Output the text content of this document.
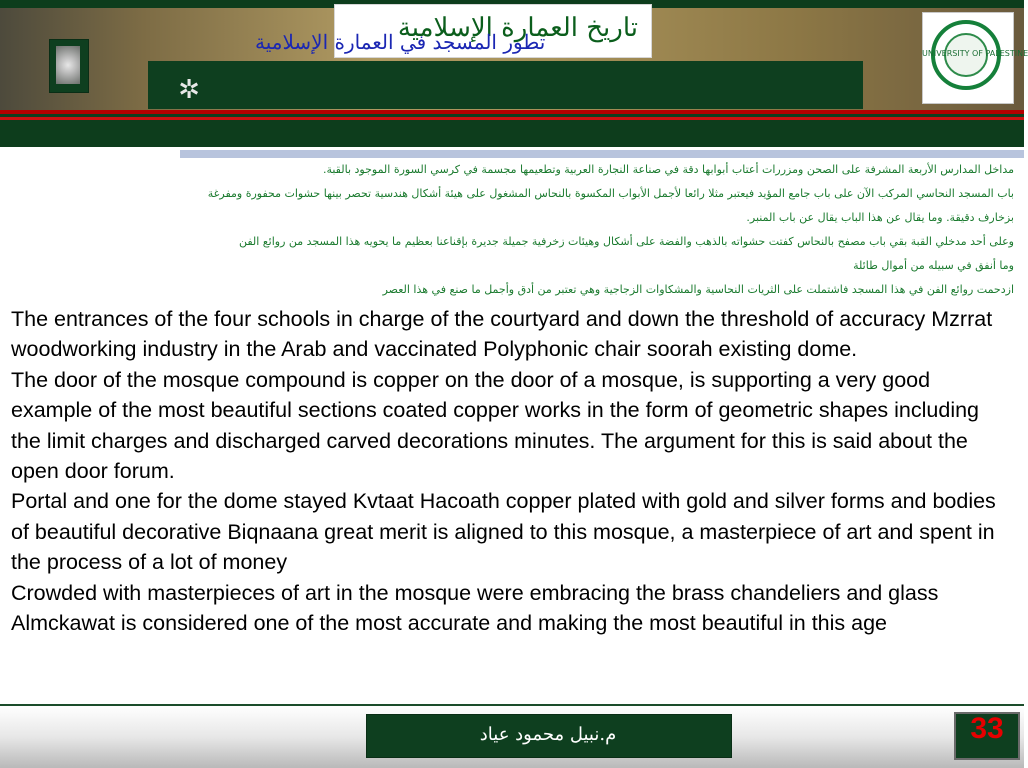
✲
تاريخ العمارة الإسلامية
تطور المسجد في العمارة الإسلامية	UNIVERSITY OF PALESTINE
مداخل المدارس الأربعة المشرفة على الصحن ومزررات أعتاب أبوابها دقة في صناعة النجارة العربية وتطعيمها مجسمة في كرسي السورة الموجود بالقبة.
باب المسجد النحاسي المركب الآن على باب جامع المؤيد فيعتبر مثلا رائعا لأجمل الأبواب المكسوة بالنحاس المشغول على هيئة أشكال هندسية تحصر بينها حشوات محفورة ومفرغة
بزخارف دقيقة. وما يقال عن هذا الباب يقال عن باب المنبر.
وعلى أحد مدخلي القبة بقي باب مصفح بالنحاس كفتت حشواته بالذهب والفضة على أشكال وهيئات زخرفية جميلة جديرة بإقناعنا بعظيم ما يحويه هذا المسجد من روائع الفن
وما أنفق في سبيله من أموال طائلة
ازدحمت روائع الفن في هذا المسجد فاشتملت على الثريات النحاسية والمشكاوات الزجاجية وهي تعتبر من أدق وأجمل ما صنع في هذا العصر

The entrances of the four schools in charge of the courtyard and down the threshold of accuracy Mzrrat woodworking industry in the Arab and vaccinated Polyphonic chair soorah existing dome.

The door of the mosque compound is copper on the door of a mosque, is supporting a very good example of the most beautiful sections coated copper works in the form of geometric shapes including the limit charges and discharged carved decorations minutes. The argument for this is said about the open door forum.

Portal and one for the dome stayed Kvtaat Hacoath copper plated with gold and silver forms and bodies of beautiful decorative Biqnaana great merit is aligned to this mosque, a masterpiece of art and spent in the process of a lot of money

Crowded with masterpieces of art in the mosque were embracing the brass chandeliers and glass Almckawat is considered one of the most accurate and making the most beautiful in this age

م.نبيل محمود عياد	33
